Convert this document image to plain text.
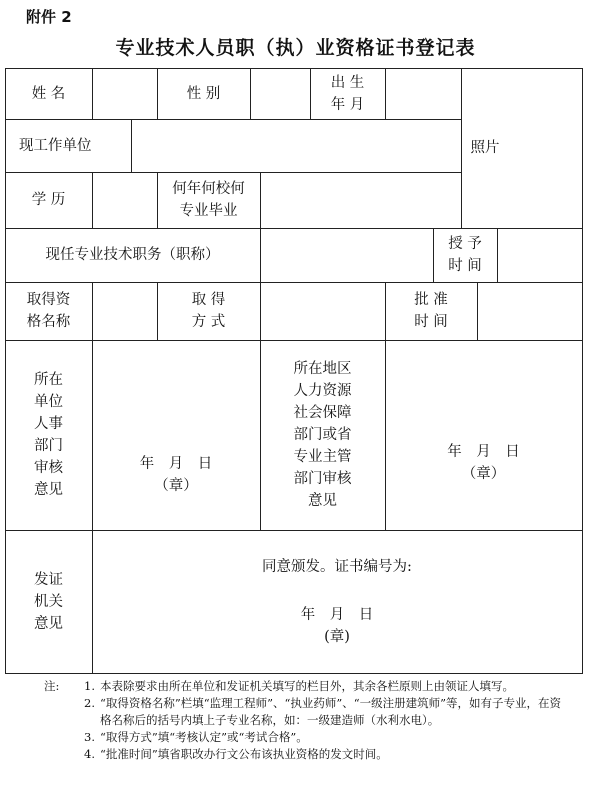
附件 2
专业技术人员职（执）业资格证书登记表
姓 名	性 别
出 生
年 月
照片
现工作单位
学 历
何年何校何
专业毕业
现任专业技术职务（职称）
授 予
时 间
取得资
格名称
取 得
方 式
批 准
时 间
所在
单位
人事
部门
审核
意见
年　月　日
（章）
所在地区
人力资源
社会保障
部门或省
专业主管
部门审核
意见
年　月　日
（章）
发证
机关
意见
同意颁发。证书编号为:
年　月　日
(章)
注:	1. 本表除要求由所在单位和发证机关填写的栏目外，其余各栏原则上由领证人填写。
2. “取得资格名称”栏填“监理工程师”、“执业药师”、“一级注册建筑师”等，如有子专业，在资格名称后的括号内填上子专业名称，如：一级建造师（水利水电）。
3. “取得方式”填“考核认定”或“考试合格”。
4. “批准时间”填省职改办行文公布该执业资格的发文时间。
